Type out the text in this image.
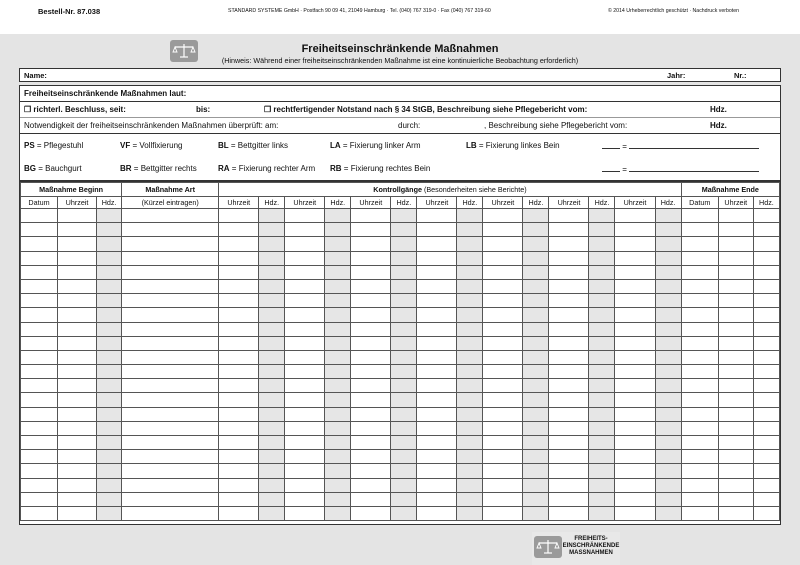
Bestell-Nr. 87.038	STANDARD SYSTEME GmbH · Postfach 90 09 41, 21049 Hamburg · Tel. (040) 767 319-0 · Fax (040) 767 319-60	© 2014 Urheberrechtlich geschützt · Nachdruck verboten
Freiheitseinschränkende Maßnahmen
(Hinweis: Während einer freiheitseinschränkenden Maßnahme ist eine kontinuierliche Beobachtung erforderlich)
Name:	Jahr:	Nr.:
Freiheitseinschränkende Maßnahmen laut:
❐ richterl. Beschluss, seit:	bis:	❐ rechtfertigender Notstand nach § 34 StGB, Beschreibung siehe Pflegebericht vom:	Hdz.
Notwendigkeit der freiheitseinschränkenden Maßnahmen überprüft: am:	durch:	, Beschreibung siehe Pflegebericht vom:	Hdz.
PS = Pflegestuhl	VF = Vollfixierung	BL = Bettgitter links	LA = Fixierung linker Arm	LB = Fixierung linkes Bein
BG = Bauchgurt	BR = Bettgitter rechts	RA = Fixierung rechter Arm RB = Fixierung rechtes Bein
=
=
Maßnahme Beginn			Maßnahme Art	Kontrollgänge (Besonderheiten siehe Berichte)														Maßnahme Ende		
Datum	Uhrzeit	Hdz.	(Kürzel eintragen)	Uhrzeit	Hdz.	Uhrzeit	Hdz.	Uhrzeit	Hdz.	Uhrzeit	Hdz.	Uhrzeit	Hdz.	Uhrzeit	Hdz.	Uhrzeit	Hdz.	Datum	Uhrzeit	Hdz.

FREIHEITS-
EINSCHRÄNKENDE
MASSNAHMEN
